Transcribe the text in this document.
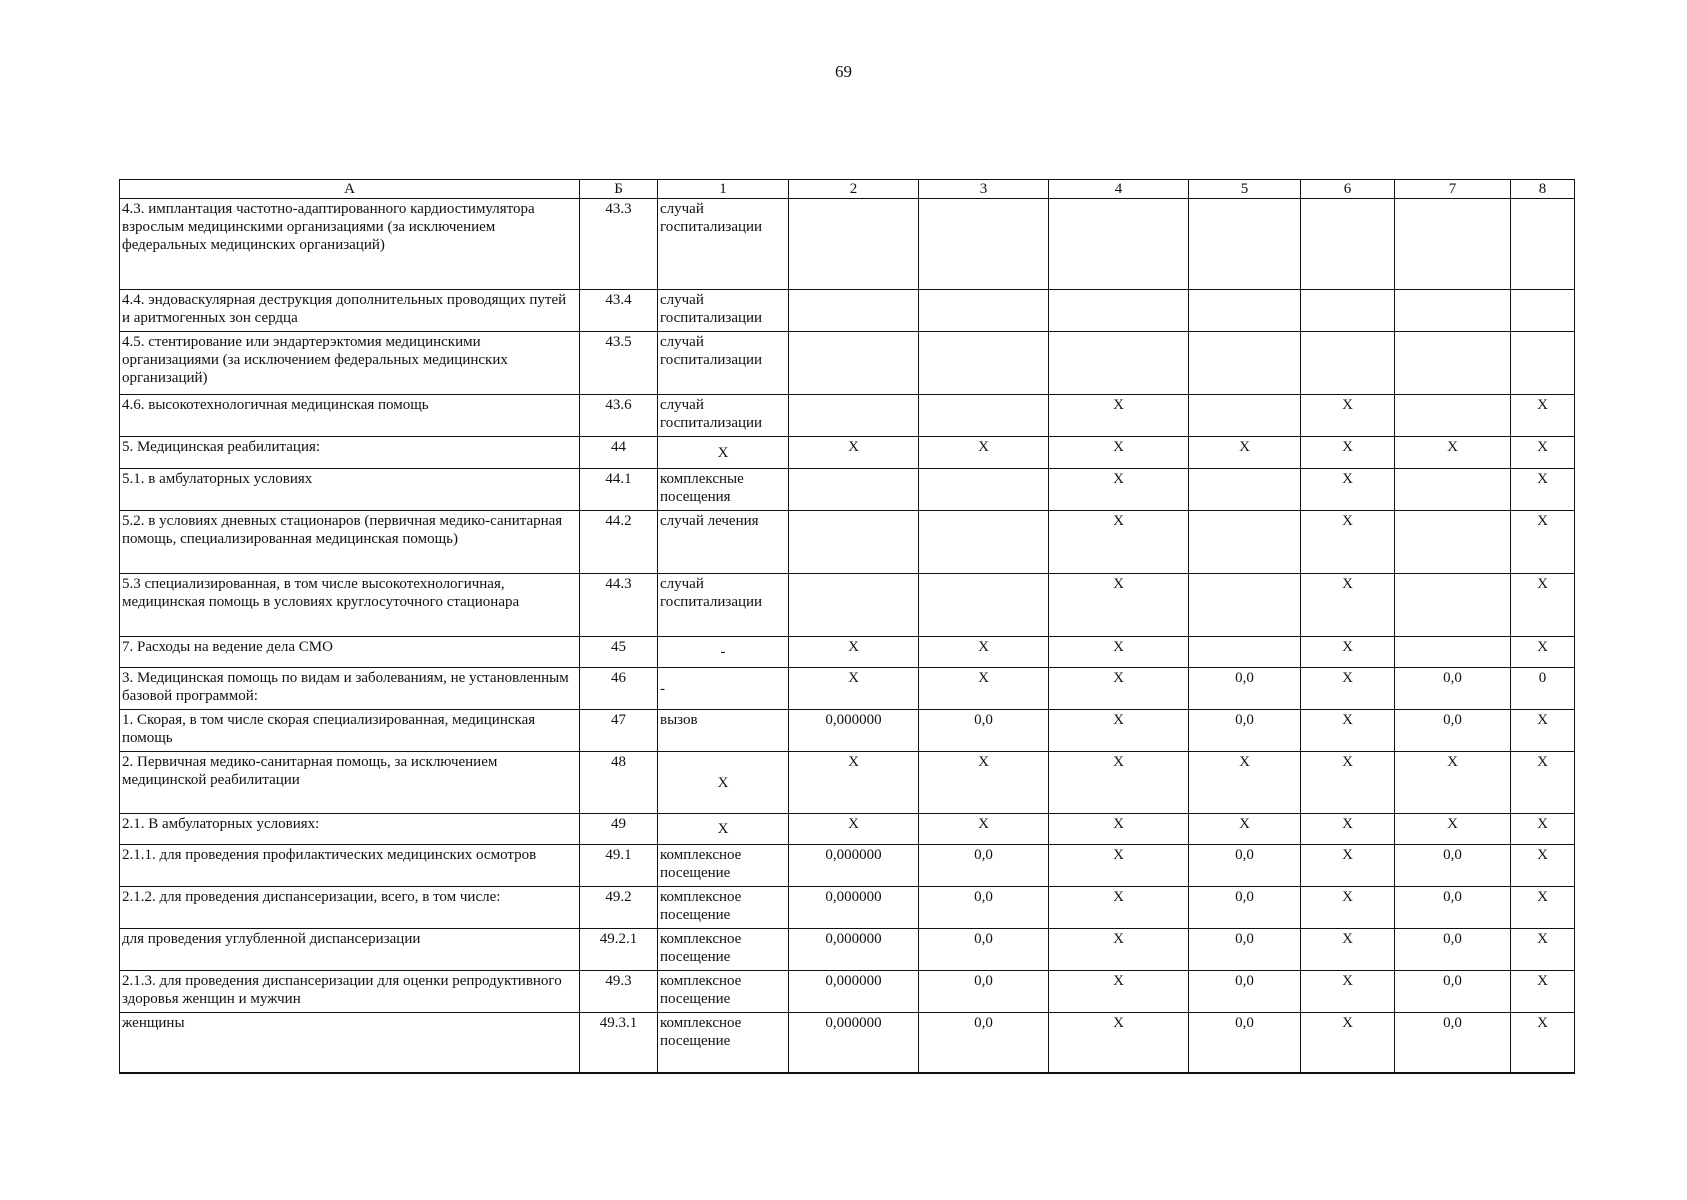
69
А	Б	1	2	3	4	5	6	7	8
4.3. имплантация частотно-адаптированного кардиостимулятора взрослым медицинскими организациями (за исключением федеральных медицинских организаций)	43.3	случай госпитализации							
4.4. эндоваскулярная деструкция дополнительных проводящих путей и аритмогенных зон сердца	43.4	случай госпитализации							
4.5. стентирование или эндартерэктомия медицинскими организациями (за исключением федеральных медицинских организаций)	43.5	случай госпитализации							
4.6. высокотехнологичная медицинская помощь	43.6	случай госпитализации			X		X		X
5. Медицинская реабилитация:	44	X	X	X	X	X	X	X	X
5.1. в амбулаторных условиях	44.1	комплексные посещения			X		X		X
5.2. в условиях дневных стационаров (первичная медико-санитарная помощь, специализированная медицинская помощь)	44.2	случай лечения			X		X		X
5.3 специализированная, в том числе высокотехнологичная, медицинская помощь в условиях круглосуточного стационара	44.3	случай госпитализации			X		X		X
7. Расходы на ведение дела СМО	45	-	X	X	X		X		X
3. Медицинская помощь по видам и заболеваниям, не установленным базовой программой:	46	-	X	X	X	0,0	X	0,0	0
1. Скорая, в том числе скорая специализированная, медицинская помощь	47	вызов	0,000000	0,0	X	0,0	X	0,0	X
2. Первичная медико-санитарная помощь, за исключением медицинской реабилитации	48	X	X	X	X	X	X	X	X
2.1. В амбулаторных условиях:	49	X	X	X	X	X	X	X	X
2.1.1. для проведения профилактических медицинских осмотров	49.1	комплексное посещение	0,000000	0,0	X	0,0	X	0,0	X
2.1.2. для проведения диспансеризации, всего, в том числе:	49.2	комплексное посещение	0,000000	0,0	X	0,0	X	0,0	X
для проведения углубленной диспансеризации	49.2.1	комплексное посещение	0,000000	0,0	X	0,0	X	0,0	X
2.1.3. для проведения диспансеризации для оценки репродуктивного здоровья женщин и мужчин	49.3	комплексное посещение	0,000000	0,0	X	0,0	X	0,0	X
женщины	49.3.1	комплексное посещение	0,000000	0,0	X	0,0	X	0,0	X
